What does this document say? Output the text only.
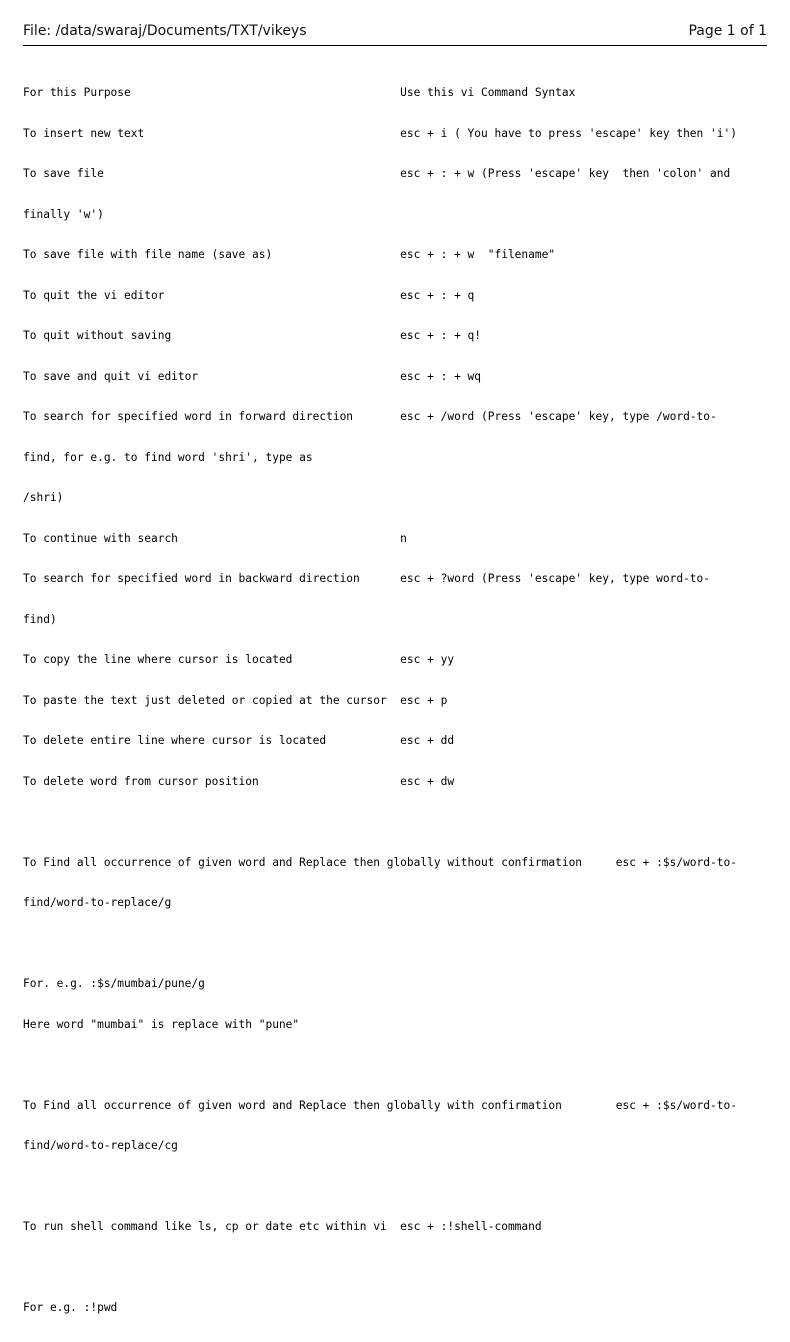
File: /data/swaraj/Documents/TXT/vikeys	Page 1 of 1

For this Purpose                                        Use this vi Command Syntax

To insert new text                                      esc + i ( You have to press 'escape' key then 'i')

To save file                                            esc + : + w (Press 'escape' key  then 'colon' and

finally 'w')

To save file with file name (save as)                   esc + : + w  "filename"

To quit the vi editor                                   esc + : + q

To quit without saving                                  esc + : + q!

To save and quit vi editor                              esc + : + wq

To search for specified word in forward direction       esc + /word (Press 'escape' key, type /word-to-

find, for e.g. to find word 'shri', type as

/shri)

To continue with search                                 n

To search for specified word in backward direction      esc + ?word (Press 'escape' key, type word-to-

find)

To copy the line where cursor is located                esc + yy

To paste the text just deleted or copied at the cursor  esc + p

To delete entire line where cursor is located           esc + dd

To delete word from cursor position                     esc + dw

To Find all occurrence of given word and Replace then globally without confirmation     esc + :$s/word-to-

find/word-to-replace/g

For. e.g. :$s/mumbai/pune/g

Here word "mumbai" is replace with "pune"

To Find all occurrence of given word and Replace then globally with confirmation        esc + :$s/word-to-

find/word-to-replace/cg

To run shell command like ls, cp or date etc within vi  esc + :!shell-command

For e.g. :!pwd
